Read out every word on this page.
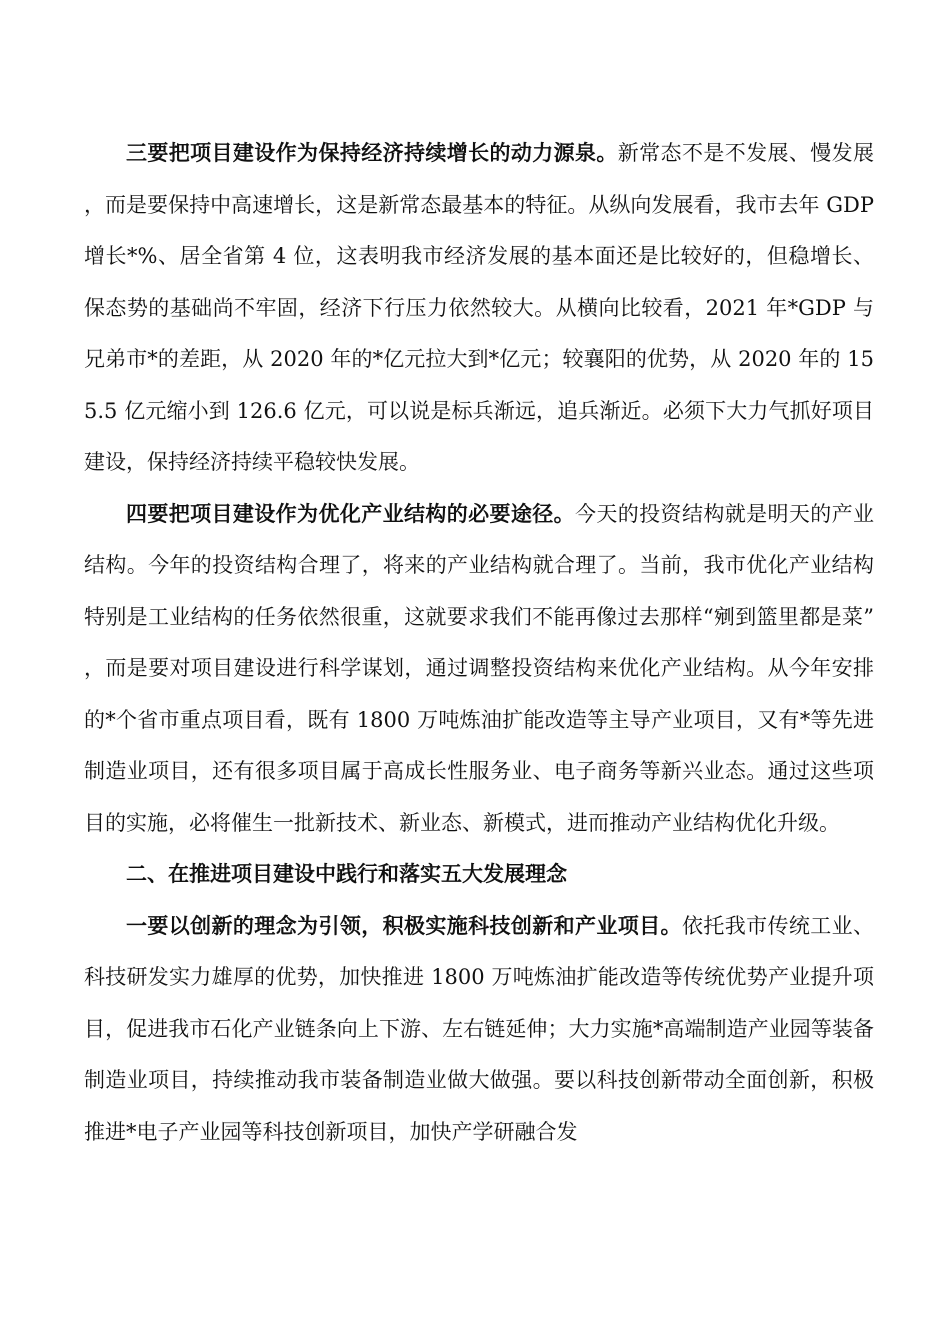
三要把项目建设作为保持经济持续增长的动力源泉。新常态不是不发展、慢发展，而是要保持中高速增长，这是新常态最基本的特征。从纵向发展看，我市去年 GDP 增长*%、居全省第 4 位，这表明我市经济发展的基本面还是比较好的，但稳增长、保态势的基础尚不牢固，经济下行压力依然较大。从横向比较看，2021 年*GDP 与兄弟市*的差距，从 2020 年的*亿元拉大到*亿元；较襄阳的优势，从 2020 年的 155.5 亿元缩小到 126.6 亿元，可以说是标兵渐远，追兵渐近。必须下大力气抓好项目建设，保持经济持续平稳较快发展。

四要把项目建设作为优化产业结构的必要途径。今天的投资结构就是明天的产业结构。今年的投资结构合理了，将来的产业结构就合理了。当前，我市优化产业结构特别是工业结构的任务依然很重，这就要求我们不能再像过去那样“剜到篮里都是菜”，而是要对项目建设进行科学谋划，通过调整投资结构来优化产业结构。从今年安排的*个省市重点项目看，既有 1800 万吨炼油扩能改造等主导产业项目，又有*等先进制造业项目，还有很多项目属于高成长性服务业、电子商务等新兴业态。通过这些项目的实施，必将催生一批新技术、新业态、新模式，进而推动产业结构优化升级。

二、在推进项目建设中践行和落实五大发展理念

一要以创新的理念为引领，积极实施科技创新和产业项目。依托我市传统工业、科技研发实力雄厚的优势，加快推进 1800 万吨炼油扩能改造等传统优势产业提升项目，促进我市石化产业链条向上下游、左右链延伸；大力实施*高端制造产业园等装备制造业项目，持续推动我市装备制造业做大做强。要以科技创新带动全面创新，积极推进*电子产业园等科技创新项目，加快产学研融合发
